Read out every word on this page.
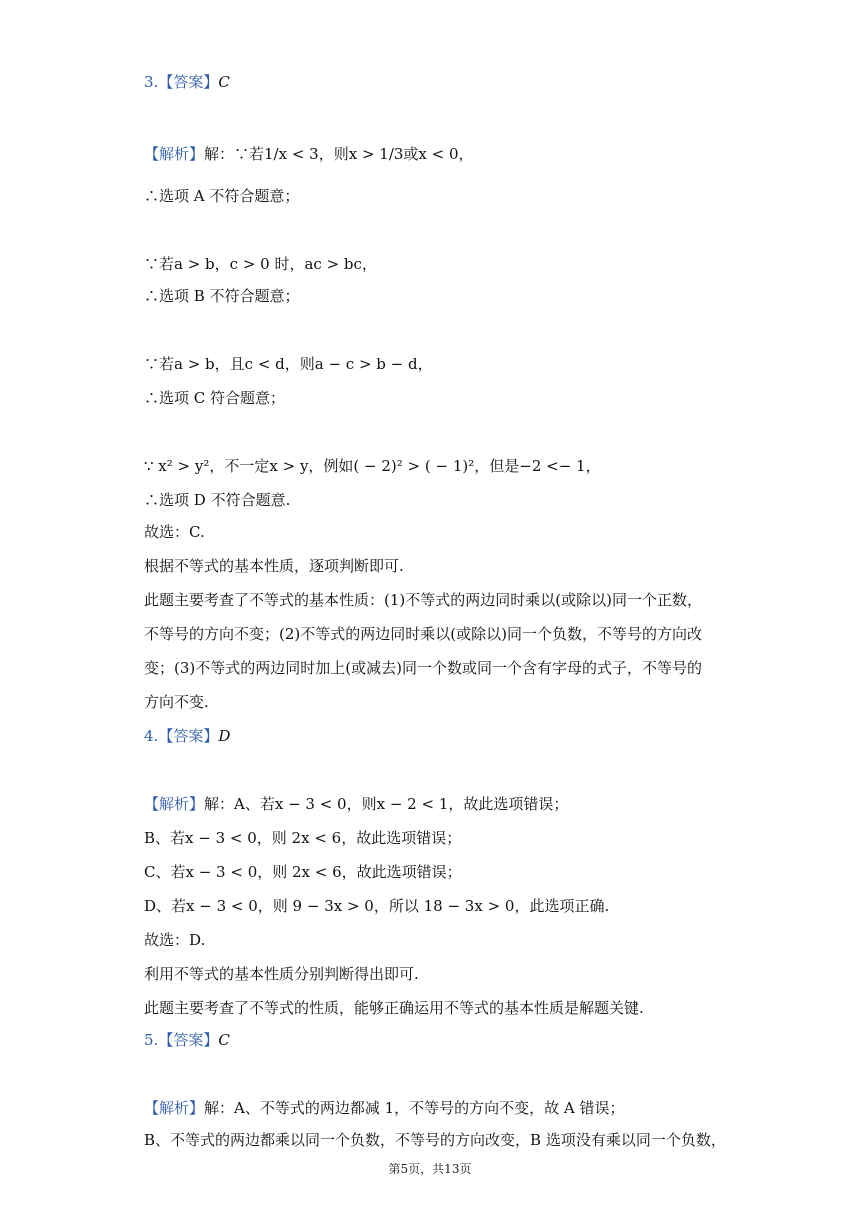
3.【答案】C
【解析】解：∵若1/x < 3，则x > 1/3或x < 0，
∴选项 A 不符合题意；
∵若a > b，c > 0 时，ac > bc，
∴选项 B 不符合题意；
∵若a > b，且c < d，则a − c > b − d，
∴选项 C 符合题意；
∵ x² > y²，不一定x > y，例如( − 2)² > ( − 1)²，但是−2 <− 1，
∴选项 D 不符合题意.
故选：C.
根据不等式的基本性质，逐项判断即可.
此题主要考查了不等式的基本性质：(1)不等式的两边同时乘以(或除以)同一个正数，
不等号的方向不变；(2)不等式的两边同时乘以(或除以)同一个负数，不等号的方向改
变；(3)不等式的两边同时加上(或减去)同一个数或同一个含有字母的式子，不等号的
方向不变.
4.【答案】D
【解析】解：A、若x − 3 < 0，则x − 2 < 1，故此选项错误；
B、若x − 3 < 0，则 2x < 6，故此选项错误；
C、若x − 3 < 0，则 2x < 6，故此选项错误；
D、若x − 3 < 0，则 9 − 3x > 0，所以 18 − 3x > 0，此选项正确.
故选：D.
利用不等式的基本性质分别判断得出即可.
此题主要考查了不等式的性质，能够正确运用不等式的基本性质是解题关键.
5.【答案】C
【解析】解：A、不等式的两边都减 1，不等号的方向不变，故 A 错误；
B、不等式的两边都乘以同一个负数，不等号的方向改变，B 选项没有乘以同一个负数，
第5页，共13页
